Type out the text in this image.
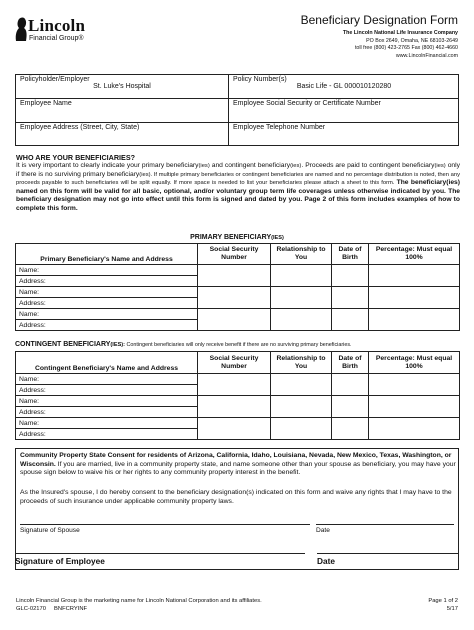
Lincoln
Financial Group®
Beneficiary Designation Form
The Lincoln National Life Insurance Company
PO Box 2649, Omaha, NE 68103-2649
toll free (800) 423-2765 Fax (800) 462-4660
www.LincolnFinancial.com
Policyholder/Employer
St. Luke's Hospital
Policy Number(s)
Basic Life - GL 000010120280
Employee Name	Employee Social Security or Certificate Number
Employee Address (Street, City, State)	Employee Telephone Number
WHO ARE YOUR BENEFICIARIES?
It is very important to clearly indicate your primary beneficiary(ies) and contingent beneficiary(ies). Proceeds are paid to contingent beneficiary(ies) only if there is no surviving primary beneficiary(ies). If multiple primary beneficiaries or contingent beneficiaries are named and no percentage distribution is noted, then any proceeds payable to such beneficiaries will be split equally. If more space is needed to list your beneficiaries please attach a sheet to this form. The beneficiary(ies) named on this form will be valid for all basic, optional, and/or voluntary group term life coverages unless otherwise indicated by you. The beneficiary designation may not go into effect until this form is signed and dated by you. Page 2 of this form includes examples of how to complete this form.
PRIMARY BENEFICIARY(IES)
Primary Beneficiary's Name and Address		Social Security Number	Relationship to You	Date of Birth	Percentage: Must equal 100%
Name:					
Address:					
Name:					
Address:					
Name:					
Address:					
CONTINGENT BENEFICIARY(IES): Contingent beneficiaries will only receive benefit if there are no surviving primary beneficiaries.
Contingent Beneficiary's Name and Address		Social Security Number	Relationship to You	Date of Birth	Percentage: Must equal 100%
Name:					
Address:					
Name:					
Address:					
Name:					
Address:					
Community Property State Consent for residents of Arizona, California, Idaho, Louisiana, Nevada, New Mexico, Texas, Washington, or Wisconsin. If you are married, live in a community property state, and name someone other than your spouse as beneficiary, you may have your spouse sign below to waive his or her rights to any community property interest in the benefit.
As the Insured's spouse, I do hereby consent to the beneficiary designation(s) indicated on this form and waive any rights that I may have to the proceeds of such insurance under applicable community property laws.
Signature of Spouse	Date
Signature of Employee	Date
Lincoln Financial Group is the marketing name for Lincoln National Corporation and its affiliates.
GLC-02170     BNFCRYINF
Page 1 of 2
5/17
